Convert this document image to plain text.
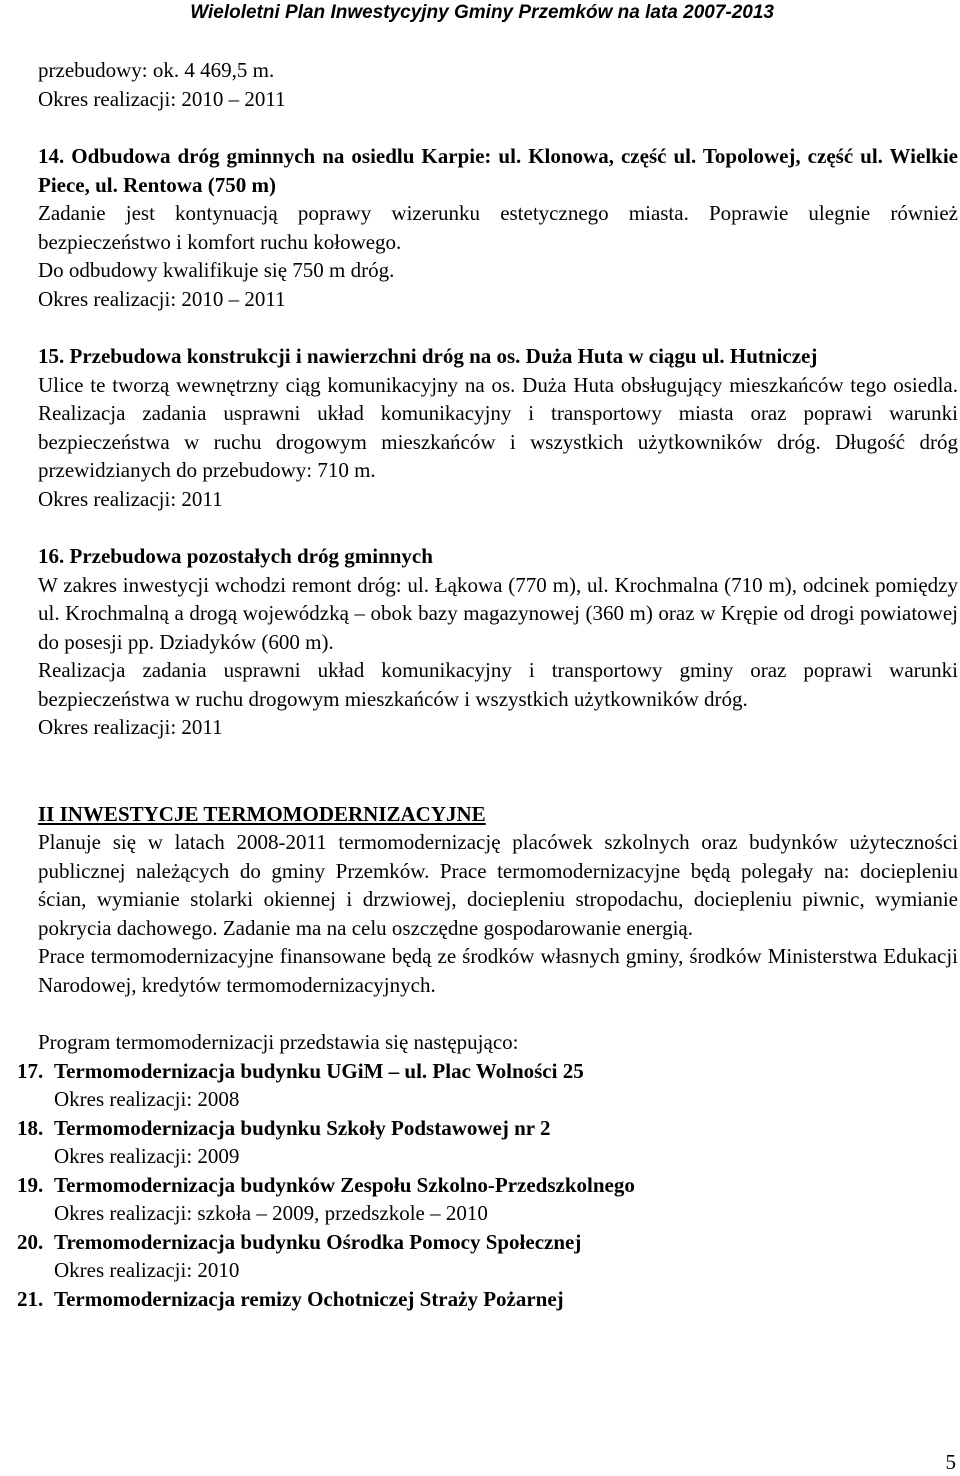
Wieloletni Plan Inwestycyjny Gminy Przemków na lata 2007-2013

przebudowy: ok. 4 469,5 m.

Okres realizacji: 2010 – 2011

14. Odbudowa dróg gminnych na osiedlu Karpie: ul. Klonowa, część ul. Topolowej, część ul. Wielkie Piece, ul. Rentowa (750 m)

Zadanie jest kontynuacją poprawy wizerunku estetycznego miasta. Poprawie ulegnie również bezpieczeństwo i komfort ruchu kołowego.

Do odbudowy kwalifikuje się 750 m dróg.

Okres realizacji: 2010 – 2011

15. Przebudowa konstrukcji i nawierzchni dróg na os. Duża Huta w ciągu ul. Hutniczej

Ulice te tworzą wewnętrzny ciąg komunikacyjny na os. Duża Huta obsługujący mieszkańców tego osiedla. Realizacja zadania usprawni układ komunikacyjny i transportowy miasta oraz poprawi warunki bezpieczeństwa w ruchu drogowym mieszkańców i wszystkich użytkowników dróg. Długość dróg przewidzianych do przebudowy: 710 m.

Okres realizacji: 2011

16. Przebudowa pozostałych dróg gminnych

W zakres inwestycji wchodzi remont dróg: ul. Łąkowa (770 m), ul. Krochmalna (710 m), odcinek pomiędzy ul. Krochmalną a drogą wojewódzką – obok bazy magazynowej (360 m) oraz w Krępie od drogi powiatowej do posesji pp. Dziadyków (600 m).

Realizacja zadania usprawni układ komunikacyjny i transportowy gminy oraz poprawi warunki bezpieczeństwa w ruchu drogowym mieszkańców i wszystkich użytkowników dróg.

Okres realizacji: 2011

II INWESTYCJE TERMOMODERNIZACYJNE

Planuje się w latach 2008-2011 termomodernizację placówek szkolnych oraz budynków użyteczności publicznej należących do gminy Przemków. Prace termomodernizacyjne będą polegały na: dociepleniu ścian, wymianie stolarki okiennej i drzwiowej, dociepleniu stropodachu, dociepleniu piwnic, wymianie pokrycia dachowego. Zadanie ma na celu oszczędne gospodarowanie energią.

Prace termomodernizacyjne finansowane będą ze środków własnych gminy, środków Ministerstwa Edukacji Narodowej, kredytów termomodernizacyjnych.

Program termomodernizacji przedstawia się następująco:

17. Termomodernizacja budynku UGiM – ul. Plac Wolności 25

Okres realizacji: 2008

18. Termomodernizacja budynku Szkoły Podstawowej nr 2

Okres realizacji: 2009

19. Termomodernizacja budynków Zespołu Szkolno-Przedszkolnego

Okres realizacji: szkoła – 2009, przedszkole – 2010

20. Tremomodernizacja budynku Ośrodka Pomocy Społecznej

Okres realizacji: 2010

21. Termomodernizacja remizy Ochotniczej Straży Pożarnej
5
